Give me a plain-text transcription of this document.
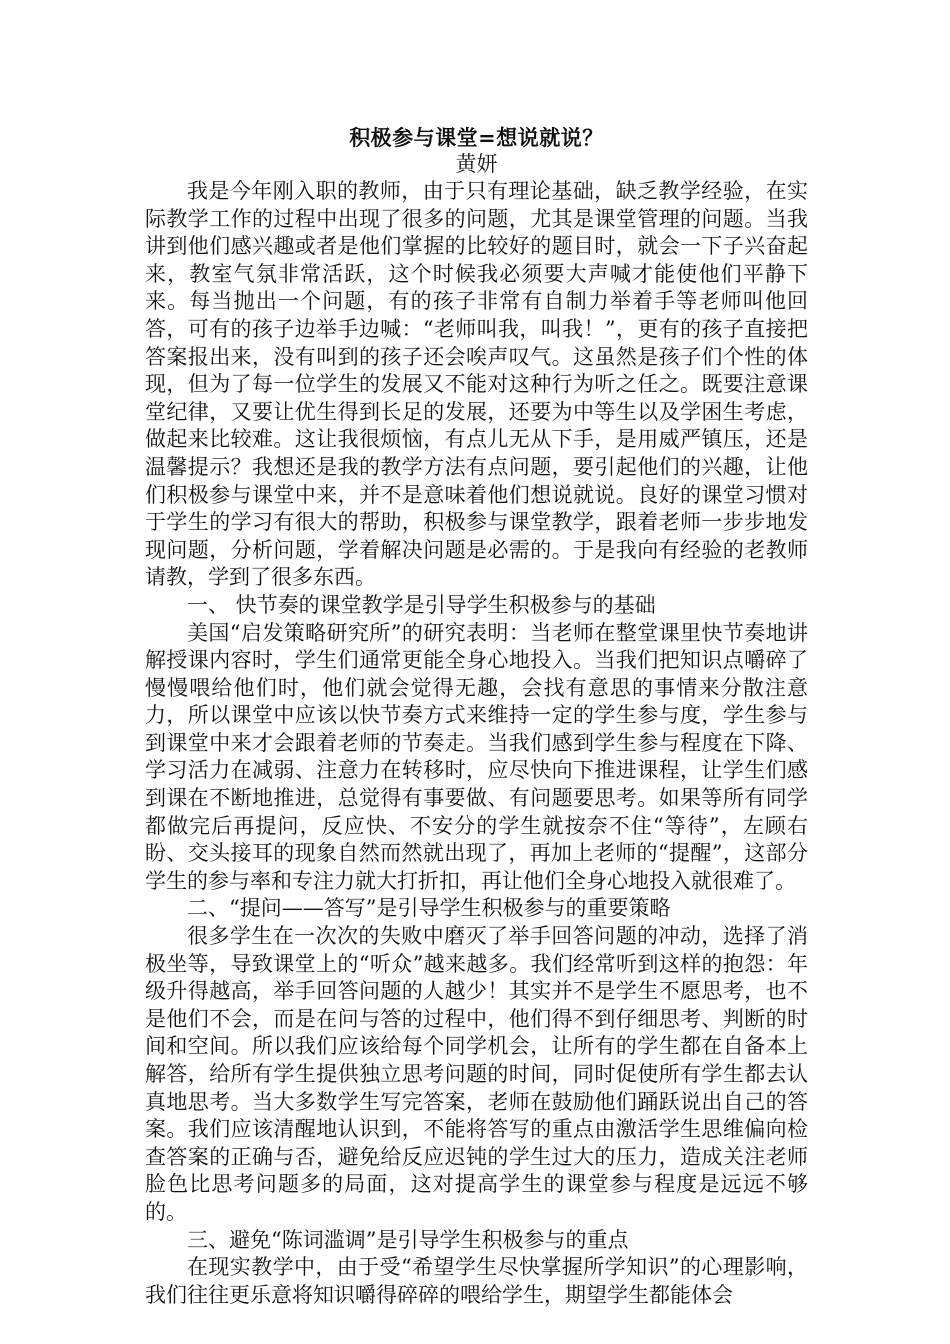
积极参与课堂=想说就说？
黄妍

我是今年刚入职的教师，由于只有理论基础，缺乏教学经验，在实际教学工作的过程中出现了很多的问题，尤其是课堂管理的问题。当我讲到他们感兴趣或者是他们掌握的比较好的题目时，就会一下子兴奋起来，教室气氛非常活跃，这个时候我必须要大声喊才能使他们平静下来。每当抛出一个问题，有的孩子非常有自制力举着手等老师叫他回答，可有的孩子边举手边喊：“老师叫我，叫我！”，更有的孩子直接把答案报出来，没有叫到的孩子还会唉声叹气。这虽然是孩子们个性的体现，但为了每一位学生的发展又不能对这种行为听之任之。既要注意课堂纪律，又要让优生得到长足的发展，还要为中等生以及学困生考虑，做起来比较难。这让我很烦恼，有点儿无从下手，是用威严镇压，还是温馨提示？我想还是我的教学方法有点问题，要引起他们的兴趣，让他们积极参与课堂中来，并不是意味着他们想说就说。良好的课堂习惯对于学生的学习有很大的帮助，积极参与课堂教学，跟着老师一步步地发现问题，分析问题，学着解决问题是必需的。于是我向有经验的老教师请教，学到了很多东西。

一、 快节奏的课堂教学是引导学生积极参与的基础

美国“启发策略研究所”的研究表明：当老师在整堂课里快节奏地讲解授课内容时，学生们通常更能全身心地投入。当我们把知识点嚼碎了慢慢喂给他们时，他们就会觉得无趣，会找有意思的事情来分散注意力，所以课堂中应该以快节奏方式来维持一定的学生参与度，学生参与到课堂中来才会跟着老师的节奏走。当我们感到学生参与程度在下降、学习活力在减弱、注意力在转移时，应尽快向下推进课程，让学生们感到课在不断地推进，总觉得有事要做、有问题要思考。如果等所有同学都做完后再提问，反应快、不安分的学生就按奈不住“等待”，左顾右盼、交头接耳的现象自然而然就出现了，再加上老师的“提醒”，这部分学生的参与率和专注力就大打折扣，再让他们全身心地投入就很难了。

二、“提问——答写”是引导学生积极参与的重要策略

很多学生在一次次的失败中磨灭了举手回答问题的冲动，选择了消极坐等，导致课堂上的“听众”越来越多。我们经常听到这样的抱怨：年级升得越高，举手回答问题的人越少！其实并不是学生不愿思考，也不是他们不会，而是在问与答的过程中，他们得不到仔细思考、判断的时间和空间。所以我们应该给每个同学机会，让所有的学生都在自备本上解答，给所有学生提供独立思考问题的时间，同时促使所有学生都去认真地思考。当大多数学生写完答案，老师在鼓励他们踊跃说出自己的答案。我们应该清醒地认识到，不能将答写的重点由激活学生思维偏向检查答案的正确与否，避免给反应迟钝的学生过大的压力，造成关注老师脸色比思考问题多的局面，这对提高学生的课堂参与程度是远远不够的。

三、避免“陈词滥调”是引导学生积极参与的重点

在现实教学中，由于受“希望学生尽快掌握所学知识”的心理影响，我们往往更乐意将知识嚼得碎碎的喂给学生，期望学生都能体会
